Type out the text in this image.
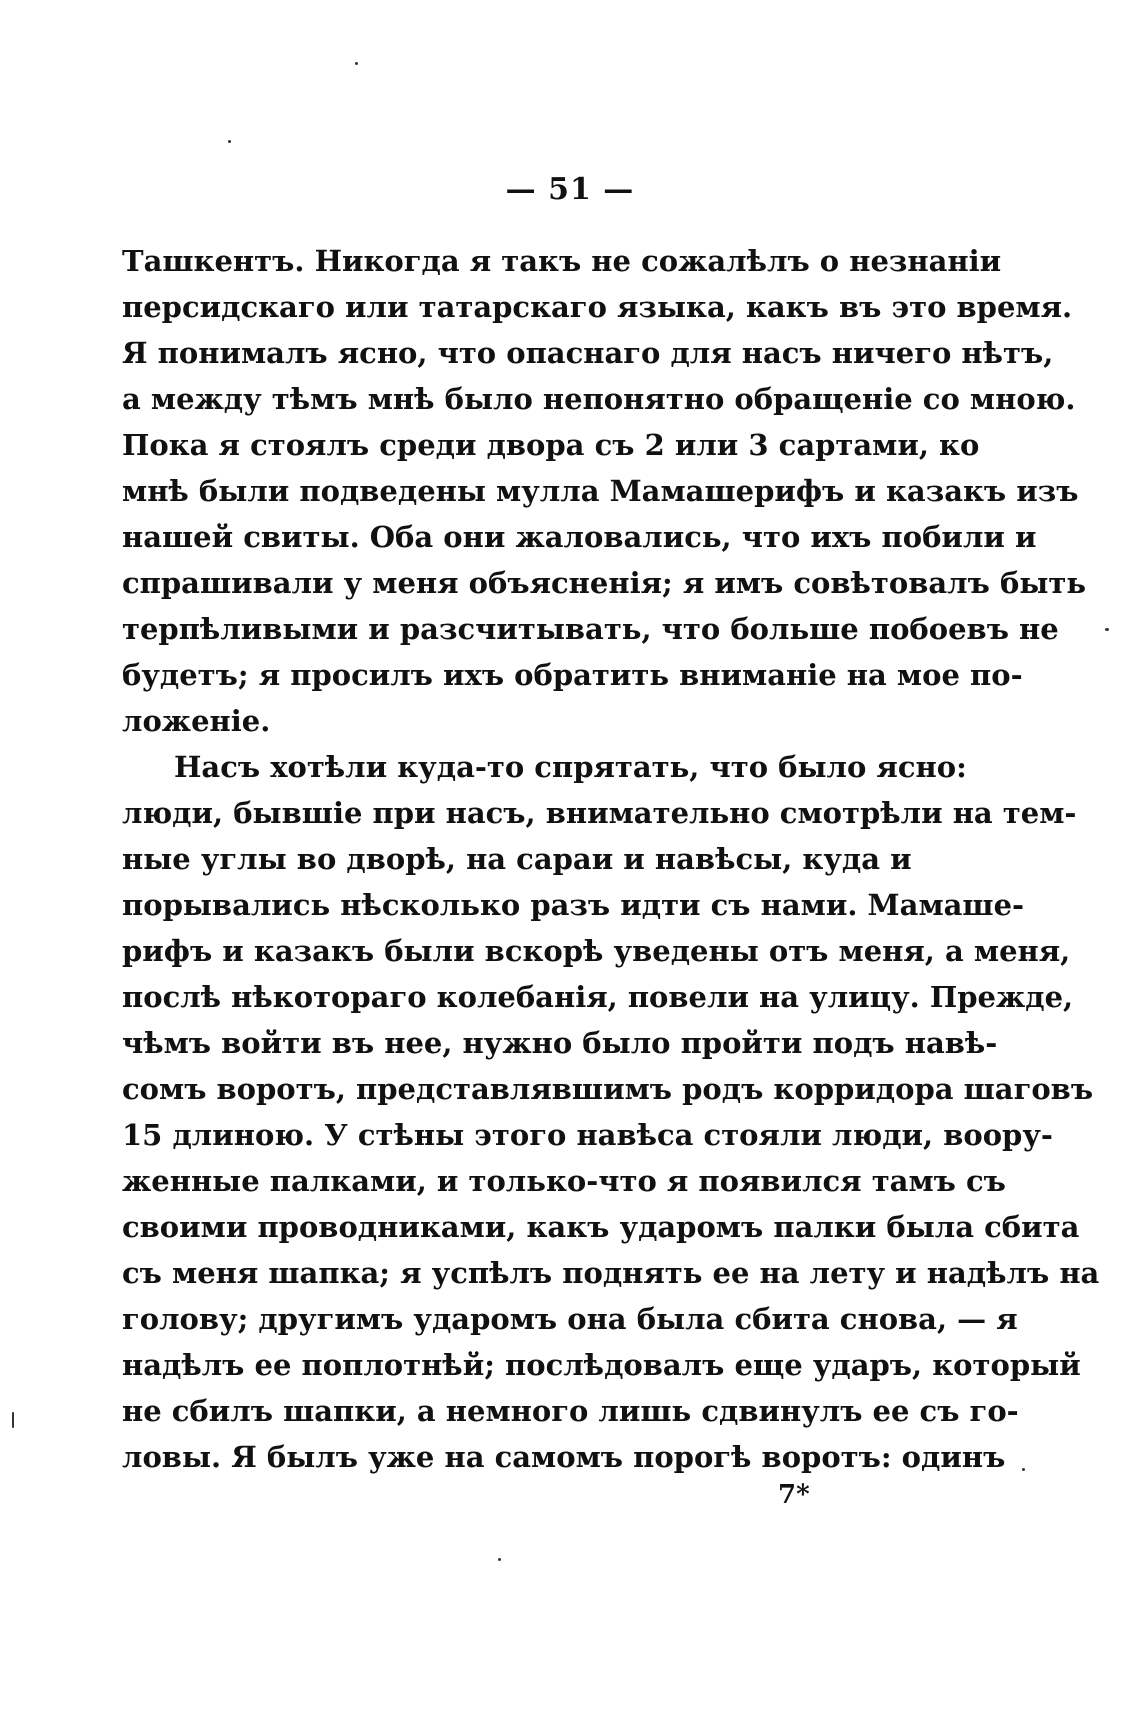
— 51 —
Ташкентъ. Никогда я такъ не сожалѣлъ о незнаніи
персидскаго или татарскаго языка, какъ въ это время.
Я понималъ ясно, что опаснаго для насъ ничего нѣтъ,
а между тѣмъ мнѣ было непонятно обращеніе со мною.
Пока я стоялъ среди двора съ 2 или 3 сартами, ко
мнѣ были подведены мулла Мамашерифъ и казакъ изъ
нашей свиты. Оба они жаловались, что ихъ побили и
спрашивали у меня объясненія; я имъ совѣтовалъ быть
терпѣливыми и разсчитывать, что больше побоевъ не
будетъ; я просилъ ихъ обратить вниманіе на мое по-
ложеніе.
Насъ хотѣли куда-то спрятать, что было ясно:
люди, бывшіе при насъ, внимательно смотрѣли на тем-
ные углы во дворѣ, на сараи и навѣсы, куда и
порывались нѣсколько разъ идти съ нами. Мамаше-
рифъ и казакъ были вскорѣ уведены отъ меня, а меня,
послѣ нѣкотораго колебанія, повели на улицу. Прежде,
чѣмъ войти въ нее, нужно было пройти подъ навѣ-
сомъ воротъ, представлявшимъ родъ корридора шаговъ
15 длиною. У стѣны этого навѣса стояли люди, воору-
женные палками, и только-что я появился тамъ съ
своими проводниками, какъ ударомъ палки была сбита
съ меня шапка; я успѣлъ поднять ее на лету и надѣлъ на
голову; другимъ ударомъ она была сбита снова, — я
надѣлъ ее поплотнѣй; послѣдовалъ еще ударъ, который
не сбилъ шапки, а немного лишь сдвинулъ ее съ го-
ловы. Я былъ уже на самомъ порогѣ воротъ: одинъ
7*
